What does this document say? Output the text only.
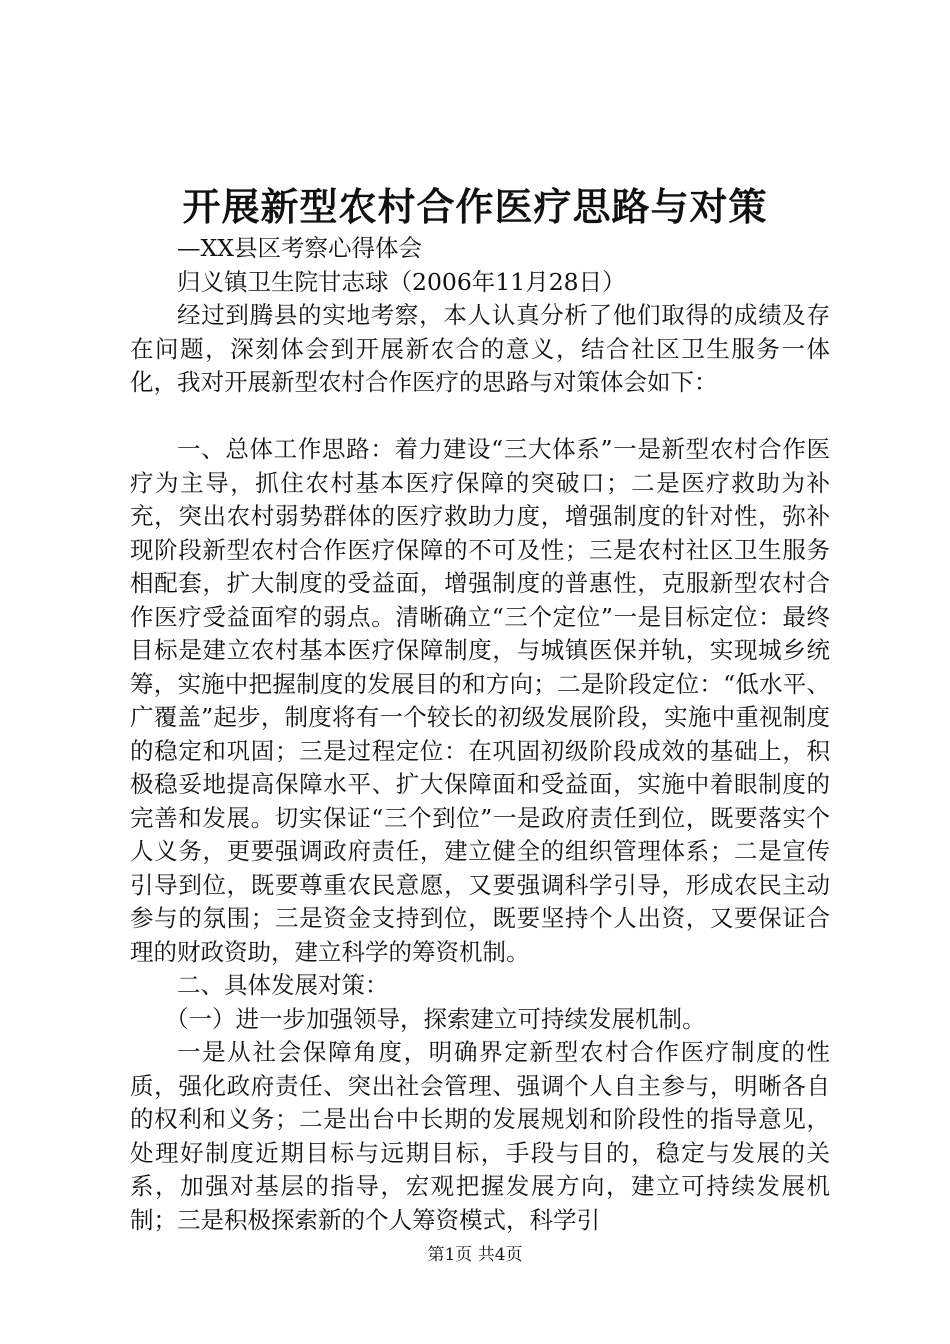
开展新型农村合作医疗思路与对策

—XX县区考察心得体会

归义镇卫生院甘志球（2006年11月28日）

经过到腾县的实地考察，本人认真分析了他们取得的成绩及存在问题，深刻体会到开展新农合的意义，结合社区卫生服务一体化，我对开展新型农村合作医疗的思路与对策体会如下：

一、总体工作思路：着力建设“三大体系”一是新型农村合作医疗为主导，抓住农村基本医疗保障的突破口；二是医疗救助为补充，突出农村弱势群体的医疗救助力度，增强制度的针对性，弥补现阶段新型农村合作医疗保障的不可及性；三是农村社区卫生服务相配套，扩大制度的受益面，增强制度的普惠性，克服新型农村合作医疗受益面窄的弱点。清晰确立“三个定位”一是目标定位：最终目标是建立农村基本医疗保障制度，与城镇医保并轨，实现城乡统筹，实施中把握制度的发展目的和方向；二是阶段定位：“低水平、广覆盖”起步，制度将有一个较长的初级发展阶段，实施中重视制度的稳定和巩固；三是过程定位：在巩固初级阶段成效的基础上，积极稳妥地提高保障水平、扩大保障面和受益面，实施中着眼制度的完善和发展。切实保证“三个到位”一是政府责任到位，既要落实个人义务，更要强调政府责任，建立健全的组织管理体系；二是宣传引导到位，既要尊重农民意愿，又要强调科学引导，形成农民主动参与的氛围；三是资金支持到位，既要坚持个人出资，又要保证合理的财政资助，建立科学的筹资机制。

二、具体发展对策：

（一）进一步加强领导，探索建立可持续发展机制。

一是从社会保障角度，明确界定新型农村合作医疗制度的性质，强化政府责任、突出社会管理、强调个人自主参与，明晰各自的权利和义务；二是出台中长期的发展规划和阶段性的指导意见，处理好制度近期目标与远期目标，手段与目的，稳定与发展的关系，加强对基层的指导，宏观把握发展方向，建立可持续发展机制；三是积极探索新的个人筹资模式，科学引

第1页 共4页
